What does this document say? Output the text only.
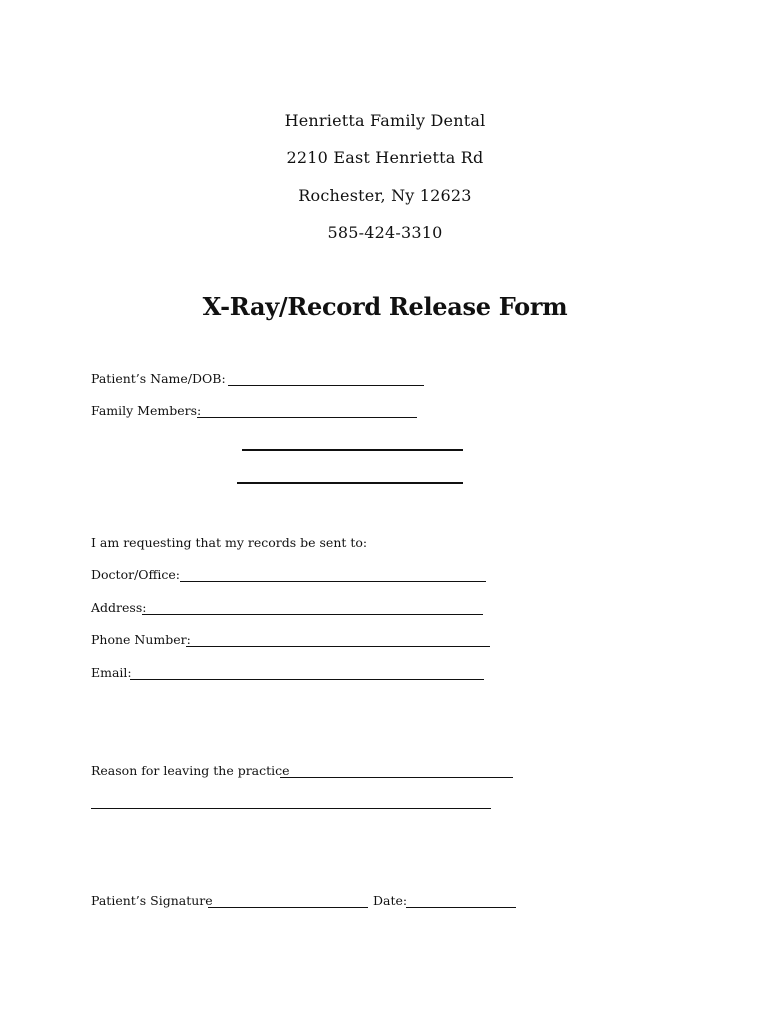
Henrietta Family Dental
2210 East Henrietta Rd
Rochester, Ny 12623
585-424-3310
X-Ray/Record Release Form
Patient’s Name/DOB:
Family Members:
I am requesting that my records be sent to:
Doctor/Office:
Address:
Phone Number:
Email:
Reason for leaving the practice
Patient’s Signature	Date:
